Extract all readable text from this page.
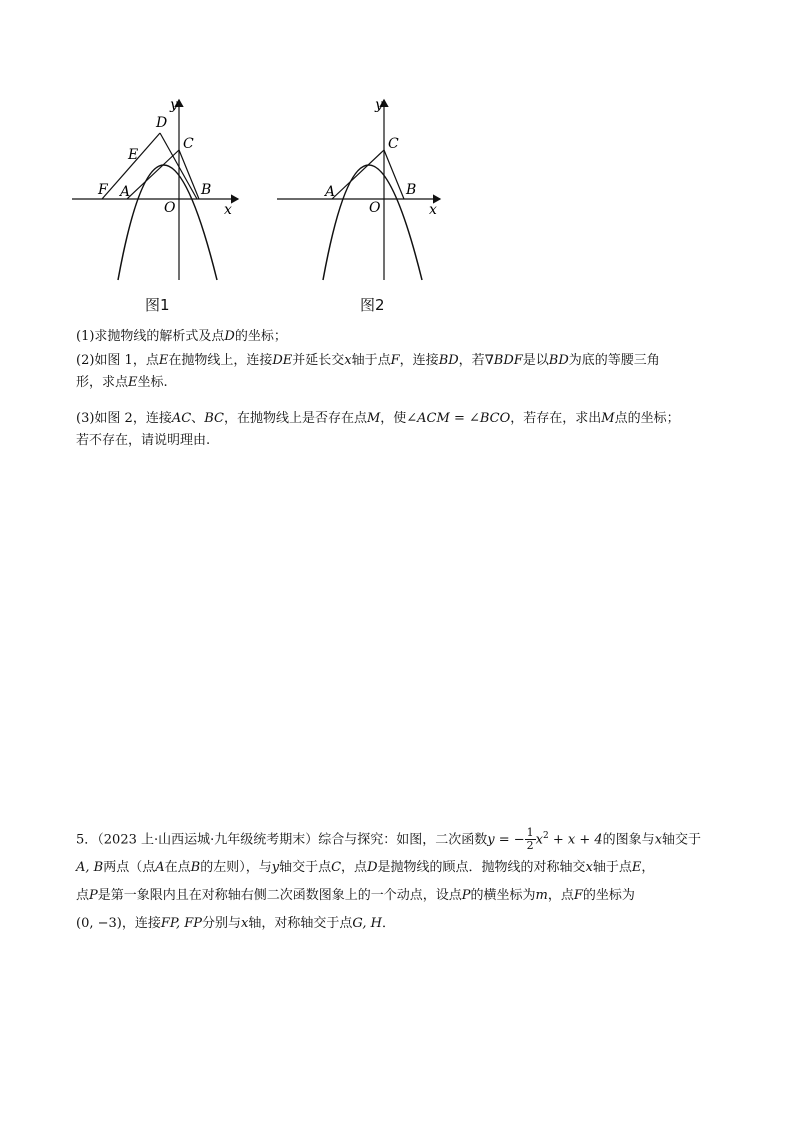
y
D
C
E
F A
O
B
x
图1
y
C
A
O
B
x
图2
(1)求抛物线的解析式及点D的坐标；
(2)如图 1，点E在抛物线上，连接DE并延长交x轴于点F，连接BD，若∇BDF是以BD为底的等腰三角
形，求点E坐标.
(3)如图 2，连接AC、BC，在抛物线上是否存在点M，使∠ACM = ∠BCO，若存在，求出M点的坐标；
若不存在，请说明理由.
5．（2023 上·山西运城·九年级统考期末）综合与探究：如图，二次函数y = − $\frac{1}{2} x^2 + x + 4$的图象与x轴交于
A, B两点（点A在点B的左则），与y轴交于点C，点D是抛物线的顾点．抛物线的对称轴交x轴于点E，
点P是第一象限内且在对称轴右侧二次函数图象上的一个动点，设点P的横坐标为m，点F的坐标为
(0, −3)，连接FP, FP分别与x轴，对称轴交于点G, H．
